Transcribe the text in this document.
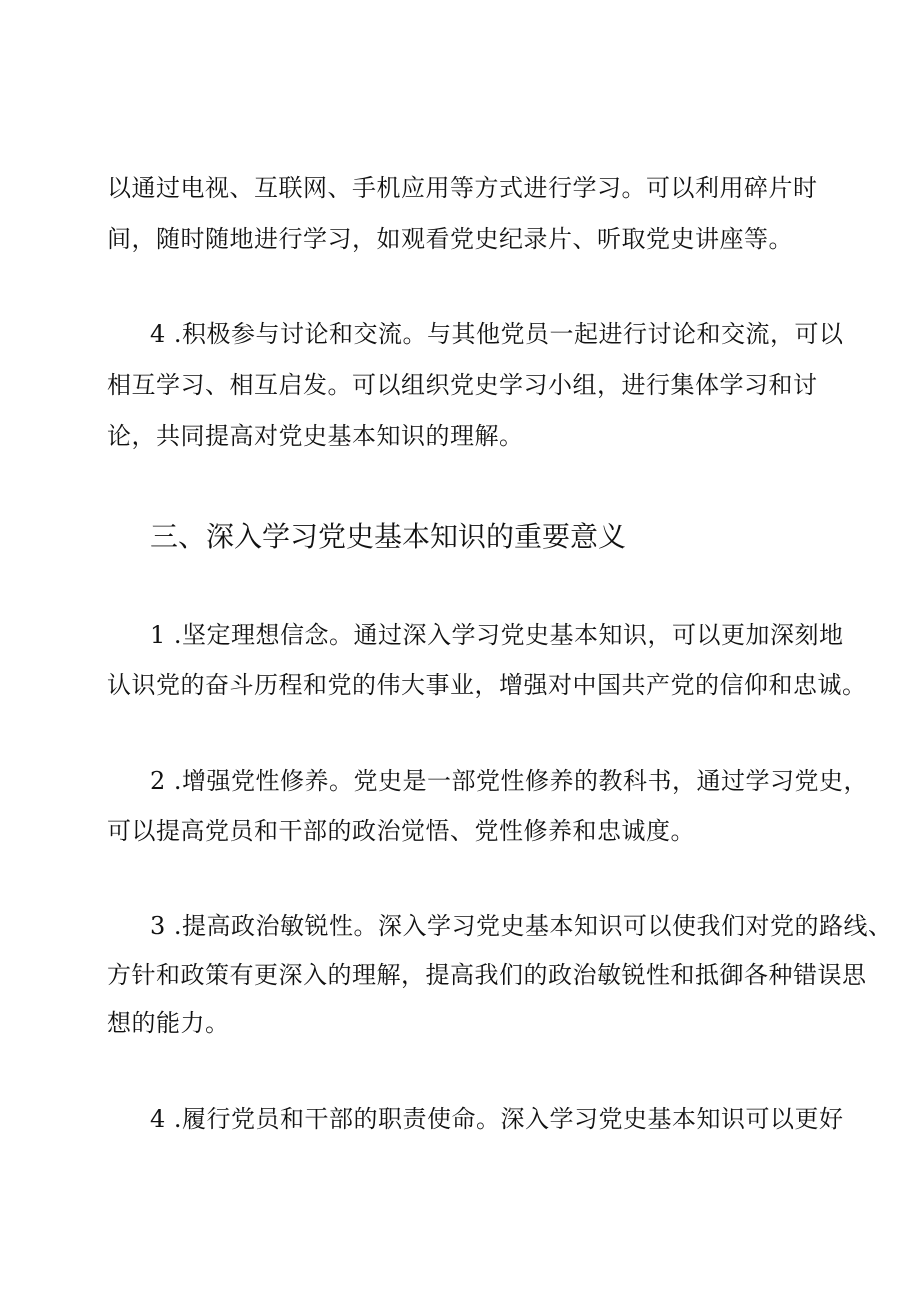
以通过电视、互联网、手机应用等方式进行学习。可以利用碎片时
间，随时随地进行学习，如观看党史纪录片、听取党史讲座等。
4 .积极参与讨论和交流。与其他党员一起进行讨论和交流，可以
相互学习、相互启发。可以组织党史学习小组，进行集体学习和讨
论，共同提高对党史基本知识的理解。
三、深入学习党史基本知识的重要意义
1 .坚定理想信念。通过深入学习党史基本知识，可以更加深刻地
认识党的奋斗历程和党的伟大事业，增强对中国共产党的信仰和忠诚。
2 .增强党性修养。党史是一部党性修养的教科书，通过学习党史，
可以提高党员和干部的政治觉悟、党性修养和忠诚度。
3 .提高政治敏锐性。深入学习党史基本知识可以使我们对党的路线、
方针和政策有更深入的理解，提高我们的政治敏锐性和抵御各种错误思
想的能力。
4 .履行党员和干部的职责使命。深入学习党史基本知识可以更好
